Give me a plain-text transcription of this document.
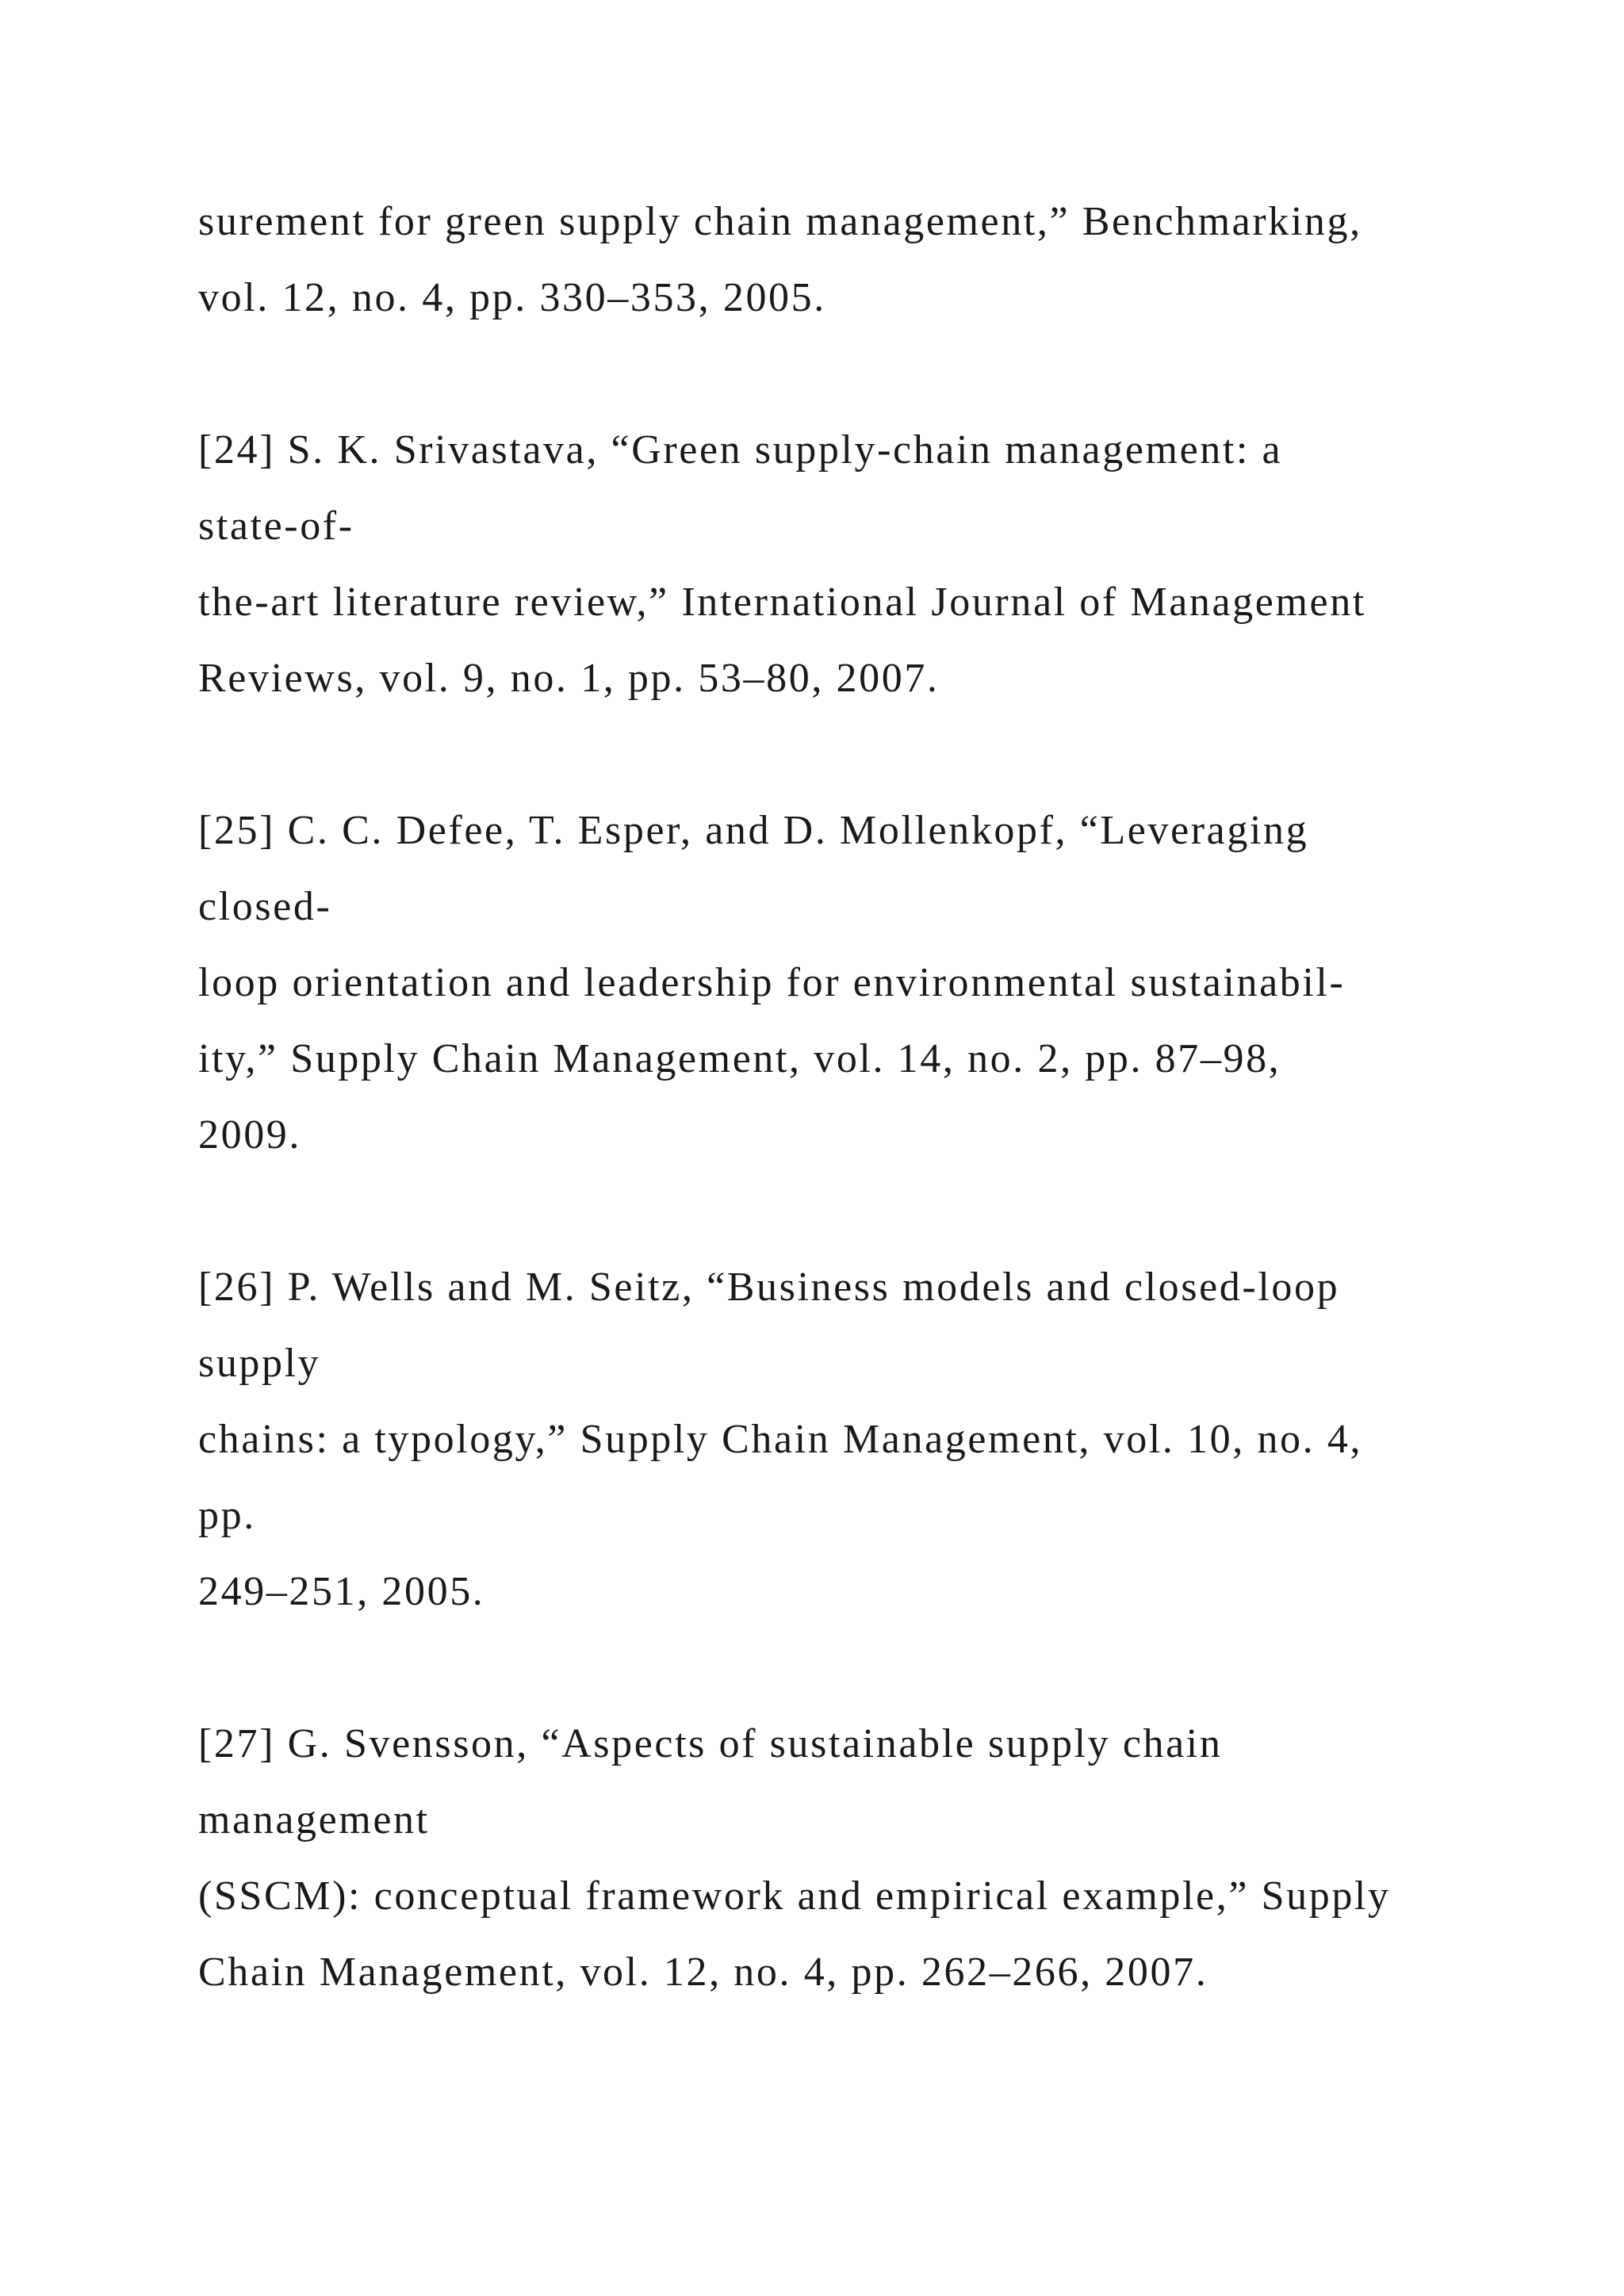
surement for green supply chain management,” Benchmarking,
vol. 12, no. 4, pp. 330–353, 2005.
[24] S. K. Srivastava, “Green supply-chain management: a
state-of-
the-art literature review,” International Journal of Management
Reviews, vol. 9, no. 1, pp. 53–80, 2007.
[25] C. C. Defee, T. Esper, and D. Mollenkopf, “Leveraging
closed-
loop orientation and leadership for environmental sustainabil-
ity,” Supply Chain Management, vol. 14, no. 2, pp. 87–98,
2009.
[26] P. Wells and M. Seitz, “Business models and closed-loop
supply
chains: a typology,” Supply Chain Management, vol. 10, no. 4,
pp.
249–251, 2005.
[27] G. Svensson, “Aspects of sustainable supply chain
management
(SSCM): conceptual framework and empirical example,” Supply
Chain Management, vol. 12, no. 4, pp. 262–266, 2007.
